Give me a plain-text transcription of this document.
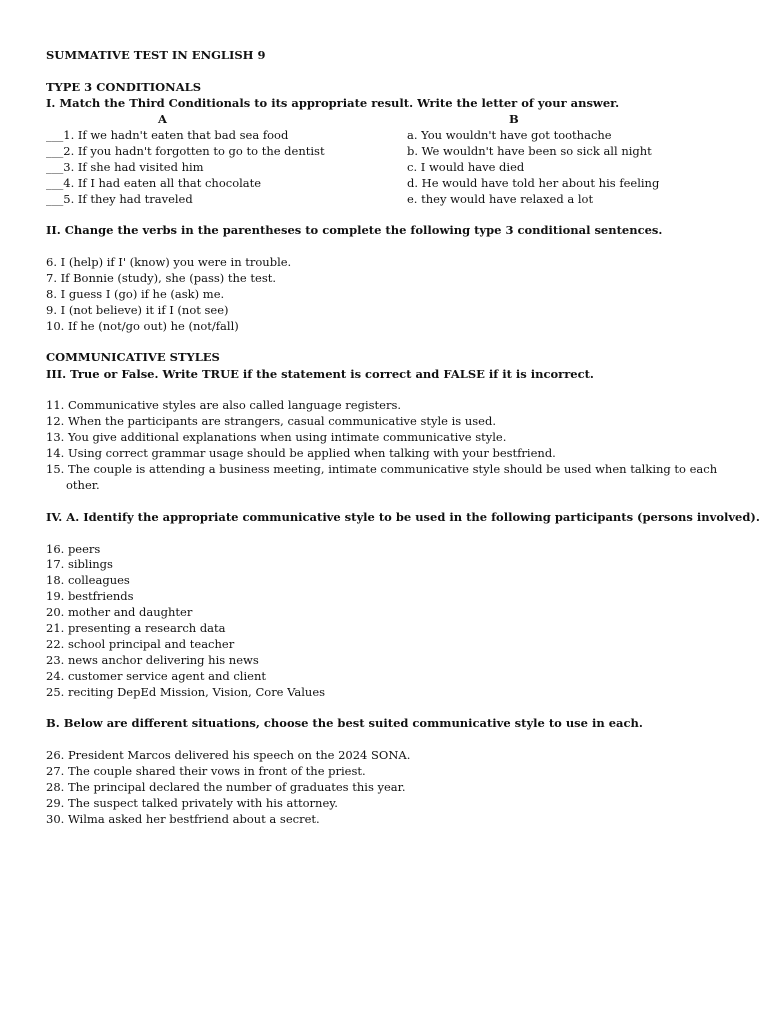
SUMMATIVE TEST IN ENGLISH 9
TYPE 3 CONDITIONALS
I. Match the Third Conditionals to its appropriate result. Write the letter of your answer.
A	B
___1. If we hadn't eaten that bad sea food
___2. If you hadn't forgotten to go to the dentist
___3. If she had visited him
___4. If I had eaten all that chocolate
___5. If they had traveled
a. You wouldn't have got toothache
b. We wouldn't have been so sick all night
c. I would have died
d. He would have told her about his feeling
e. they would have relaxed a lot
II. Change the verbs in the parentheses to complete the following type 3 conditional sentences.
6. I (help) if I' (know) you were in trouble.
7. If Bonnie (study), she (pass) the test.
8. I guess I (go) if he (ask) me.
9. I (not believe) it if I (not see)
10. If he (not/go out) he (not/fall)
COMMUNICATIVE STYLES
III. True or False. Write TRUE if the statement is correct and FALSE if it is incorrect.
11. Communicative styles are also called language registers.
12. When the participants are strangers, casual communicative style is used.
13. You give additional explanations when using intimate communicative style.
14. Using correct grammar usage should be applied when talking with your bestfriend.
15. The couple is attending a business meeting, intimate communicative style should be used when talking to each other.
IV. A. Identify the appropriate communicative style to be used in the following participants (persons involved).
16. peers
17. siblings
18. colleagues
19. bestfriends
20. mother and daughter
21. presenting a research data
22. school principal and teacher
23. news anchor delivering his news
24. customer service agent and client
25. reciting DepEd Mission, Vision, Core Values
B. Below are different situations, choose the best suited communicative style to use in each.
26. President Marcos delivered his speech on the 2024 SONA.
27. The couple shared their vows in front of the priest.
28. The principal declared the number of graduates this year.
29. The suspect talked privately with his attorney.
30. Wilma asked her bestfriend about a secret.
